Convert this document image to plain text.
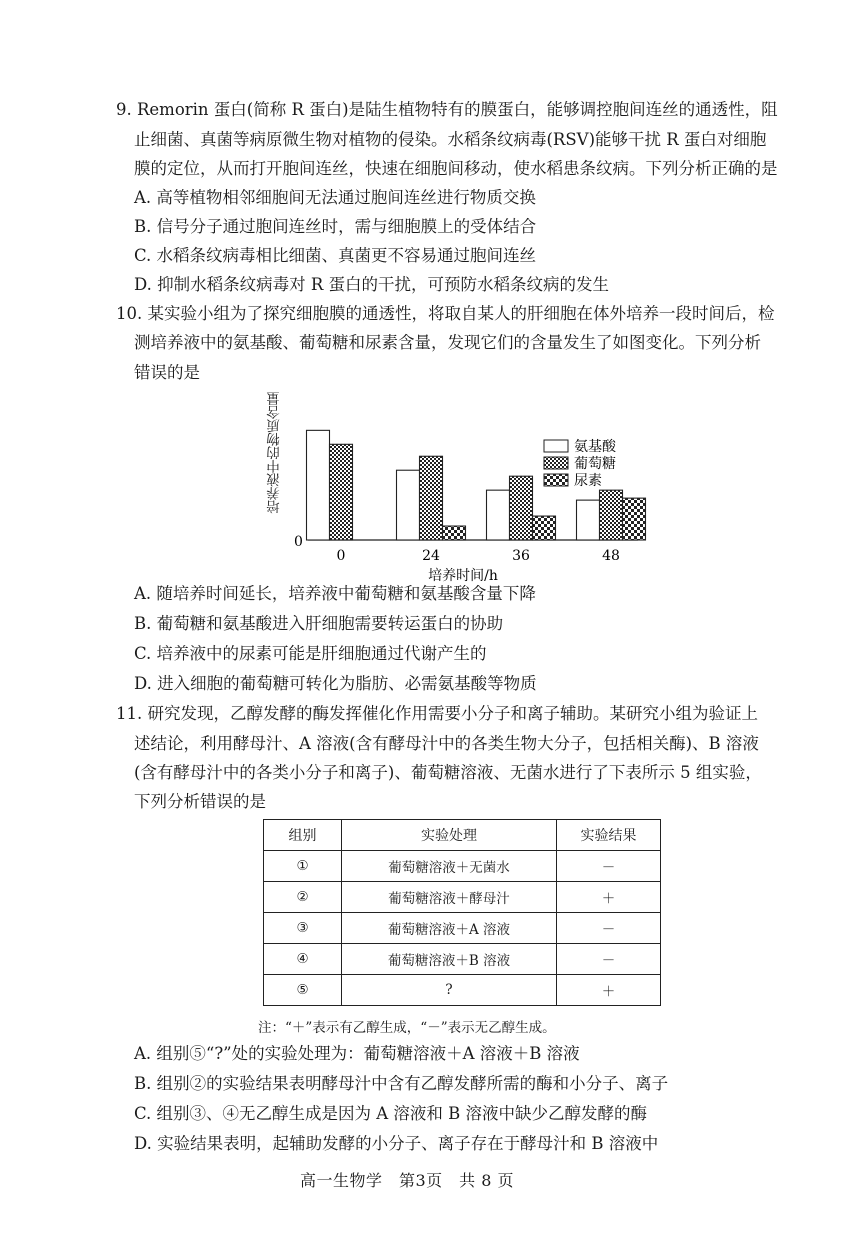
9. Remorin 蛋白(简称 R 蛋白)是陆生植物特有的膜蛋白，能够调控胞间连丝的通透性，阻
止细菌、真菌等病原微生物对植物的侵染。水稻条纹病毒(RSV)能够干扰 R 蛋白对细胞
膜的定位，从而打开胞间连丝，快速在细胞间移动，使水稻患条纹病。下列分析正确的是
A. 高等植物相邻细胞间无法通过胞间连丝进行物质交换
B. 信号分子通过胞间连丝时，需与细胞膜上的受体结合
C. 水稻条纹病毒相比细菌、真菌更不容易通过胞间连丝
D. 抑制水稻条纹病毒对 R 蛋白的干扰，可预防水稻条纹病的发生
10. 某实验小组为了探究细胞膜的通透性，将取自某人的肝细胞在体外培养一段时间后，检
测培养液中的氨基酸、葡萄糖和尿素含量，发现它们的含量发生了如图变化。下列分析
错误的是
培养液中的物质含量
0
0	24	36	48
培养时间/h
氨基酸
葡萄糖
尿素
A. 随培养时间延长，培养液中葡萄糖和氨基酸含量下降
B. 葡萄糖和氨基酸进入肝细胞需要转运蛋白的协助
C. 培养液中的尿素可能是肝细胞通过代谢产生的
D. 进入细胞的葡萄糖可转化为脂肪、必需氨基酸等物质
11. 研究发现，乙醇发酵的酶发挥催化作用需要小分子和离子辅助。某研究小组为验证上
述结论，利用酵母汁、A 溶液(含有酵母汁中的各类生物大分子，包括相关酶)、B 溶液
(含有酵母汁中的各类小分子和离子)、葡萄糖溶液、无菌水进行了下表所示 5 组实验，
下列分析错误的是
组别	实验处理	实验结果
①	葡萄糖溶液＋无菌水	－
②	葡萄糖溶液＋酵母汁	＋
③	葡萄糖溶液＋A 溶液	－
④	葡萄糖溶液＋B 溶液	－
⑤	?	＋
注：“＋”表示有乙醇生成，“－”表示无乙醇生成。
A. 组别⑤“?”处的实验处理为：葡萄糖溶液＋A 溶液＋B 溶液
B. 组别②的实验结果表明酵母汁中含有乙醇发酵所需的酶和小分子、离子
C. 组别③、④无乙醇生成是因为 A 溶液和 B 溶液中缺少乙醇发酵的酶
D. 实验结果表明，起辅助发酵的小分子、离子存在于酵母汁和 B 溶液中
高一生物学　第3页　共 8 页
